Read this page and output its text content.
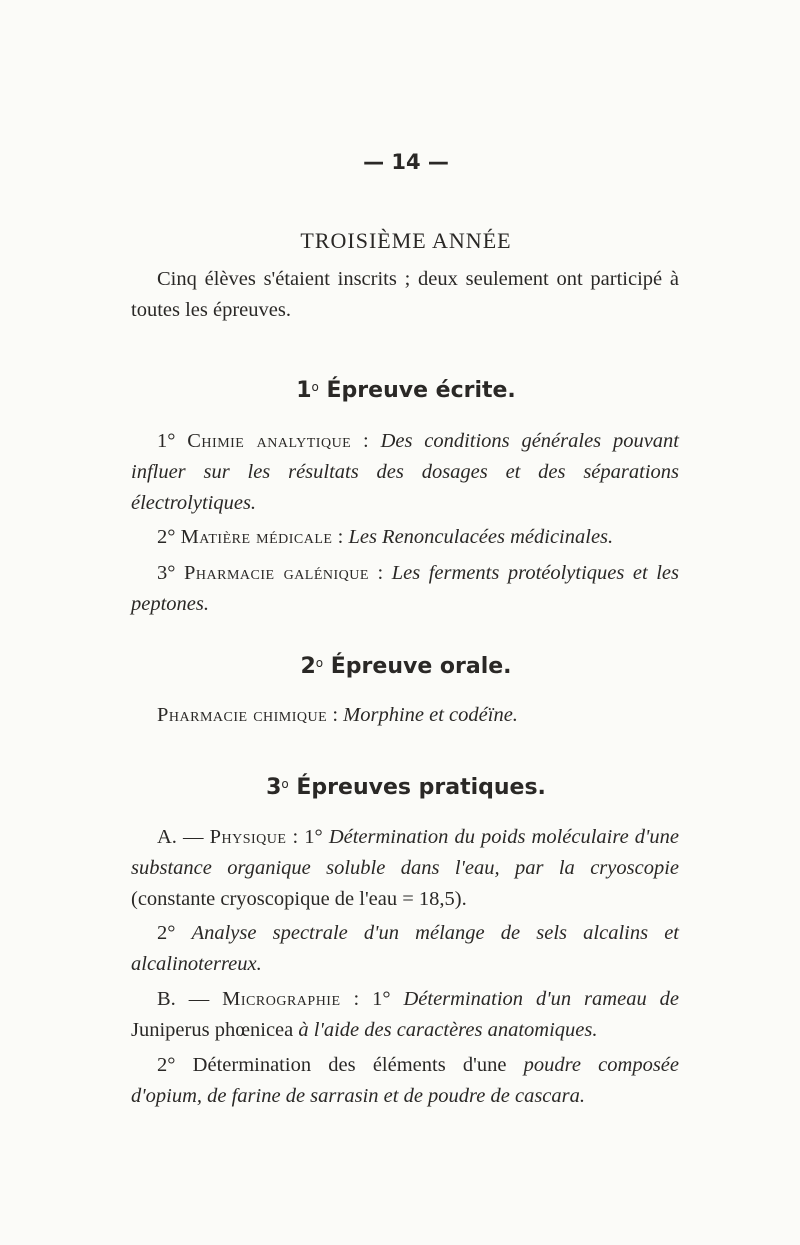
— 14 —
TROISIÈME ANNÉE

Cinq élèves s'étaient inscrits ; deux seulement ont participé à toutes les épreuves.

1$^o$ Épreuve écrite.

1° Chimie analytique : Des conditions générales pouvant influer sur les résultats des dosages et des séparations électrolytiques.

2° Matière médicale : Les Renonculacées médicinales.

3° Pharmacie galénique : Les ferments protéolytiques et les peptones.

2$^o$ Épreuve orale.

Pharmacie chimique : Morphine et codéïne.

3$^o$ Épreuves pratiques.

A. — Physique : 1° Détermination du poids moléculaire d'une substance organique soluble dans l'eau, par la cryoscopie (constante cryoscopique de l'eau = 18,5).

2° Analyse spectrale d'un mélange de sels alcalins et alcalinoterreux.

B. — Micrographie : 1° Détermination d'un rameau de Juniperus phœnicea à l'aide des caractères anatomiques.

2° Détermination des éléments d'une poudre composée d'opium, de farine de sarrasin et de poudre de cascara.
